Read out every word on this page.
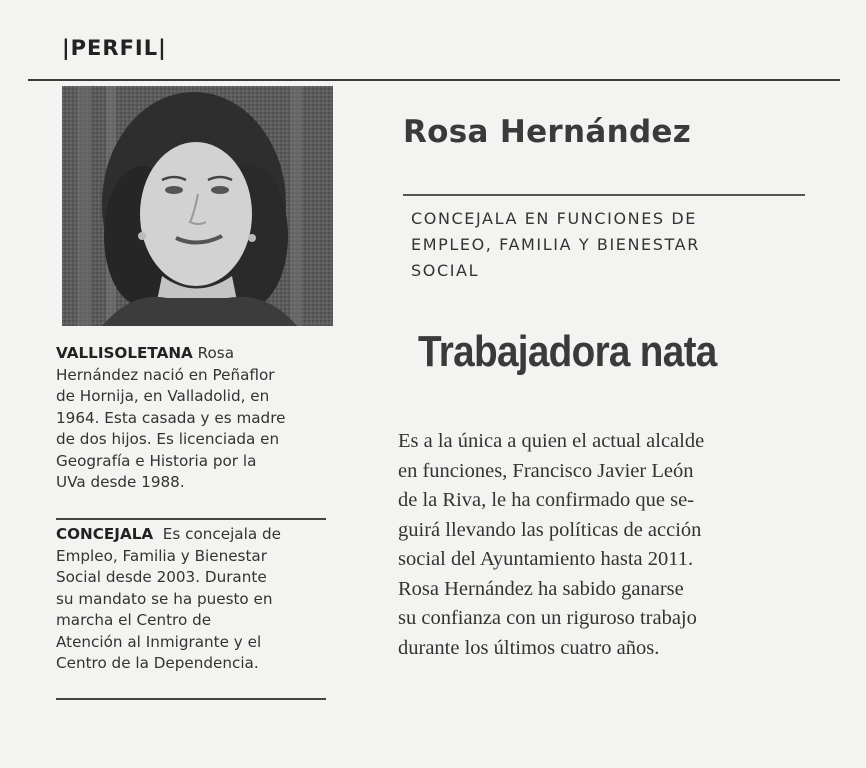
|PERFIL|
VALLISOLETANA Rosa
Hernández nació en Peñaflor
de Hornija, en Valladolid, en
1964. Esta casada y es madre
de dos hijos. Es licenciada en
Geografía e Historia por la
UVa desde 1988.
CONCEJALA  Es concejala de
Empleo, Familia y Bienestar
Social desde 2003. Durante
su mandato se ha puesto en
marcha el Centro de
Atención al Inmigrante y el
Centro de la Dependencia.
Rosa Hernández
CONCEJALA EN FUNCIONES DE
EMPLEO, FAMILIA Y BIENESTAR
SOCIAL
Trabajadora nata
Es a la única a quien el actual alcalde
en funciones, Francisco Javier León
de la Riva, le ha confirmado que se-
guirá llevando las políticas de acción
social del Ayuntamiento hasta 2011.
Rosa Hernández ha sabido ganarse
su confianza con un riguroso trabajo
durante los últimos cuatro años.
